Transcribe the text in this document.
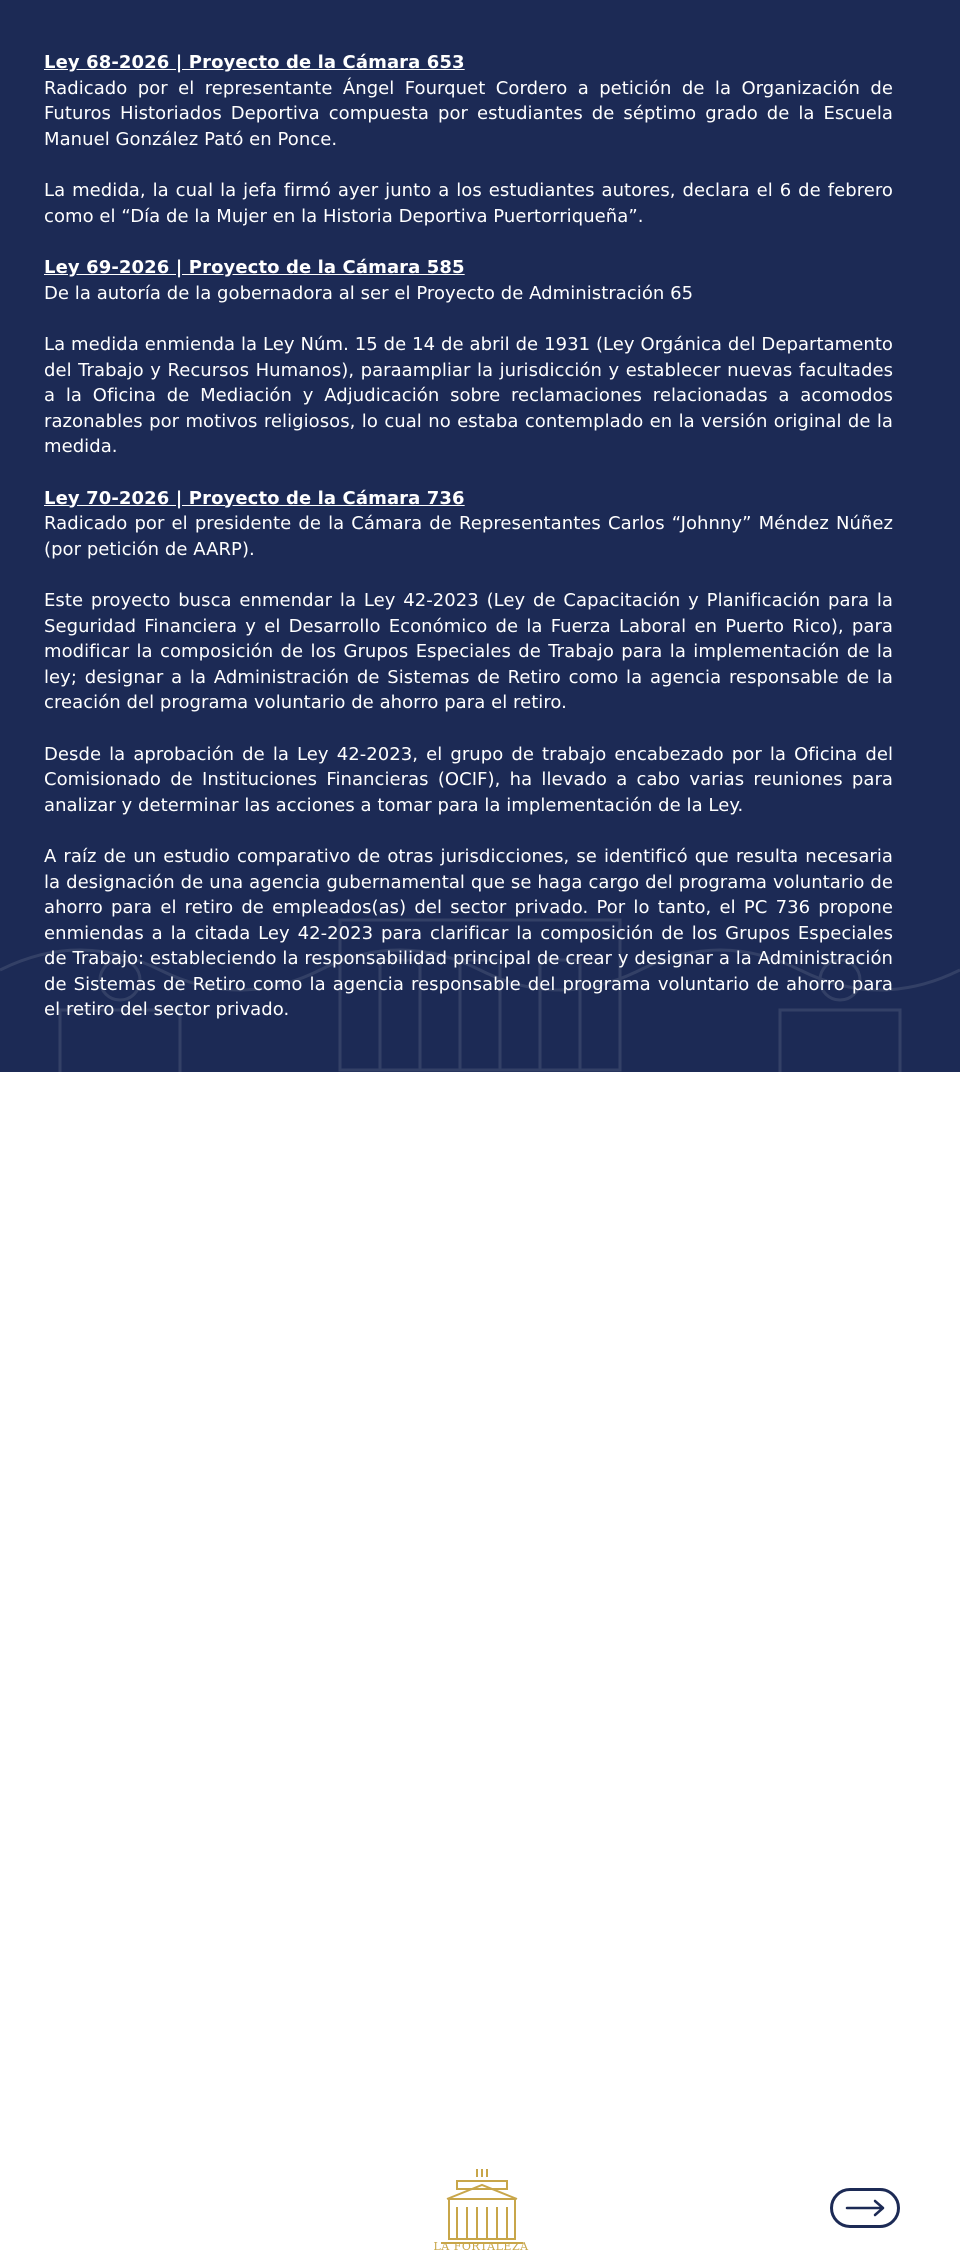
Ley 68-2026 | Proyecto de la Cámara 653

Radicado por el representante Ángel Fourquet Cordero a petición de la Organización de Futuros Historiados Deportiva compuesta por estudiantes de séptimo grado de la Escuela Manuel González Pató en Ponce.

La medida, la cual la jefa firmó ayer junto a los estudiantes autores, declara el 6 de febrero como el “Día de la Mujer en la Historia Deportiva Puertorriqueña”.

Ley 69-2026 | Proyecto de la Cámara 585

De la autoría de la gobernadora al ser el Proyecto de Administración 65

La medida enmienda la Ley Núm. 15 de 14 de abril de 1931 (Ley Orgánica del Departamento del Trabajo y Recursos Humanos), paraampliar la jurisdicción y establecer nuevas facultades a la Oficina de Mediación y Adjudicación sobre reclamaciones relacionadas a acomodos razonables por motivos religiosos, lo cual no estaba contemplado en la versión original de la medida.

Ley 70-2026 | Proyecto de la Cámara 736

Radicado por el presidente de la Cámara de Representantes Carlos “Johnny” Méndez Núñez (por petición de AARP).

Este proyecto busca enmendar la Ley 42-2023 (Ley de Capacitación y Planificación para la Seguridad Financiera y el Desarrollo Económico de la Fuerza Laboral en Puerto Rico), para modificar la composición de los Grupos Especiales de Trabajo para la implementación de la ley; designar a la Administración de Sistemas de Retiro como la agencia responsable de la creación del programa voluntario de ahorro para el retiro.

Desde la aprobación de la Ley 42-2023, el grupo de trabajo encabezado por la Oficina del Comisionado de Instituciones Financieras (OCIF), ha llevado a cabo varias reuniones para analizar y determinar las acciones a tomar para la implementación de la Ley.

A raíz de un estudio comparativo de otras jurisdicciones, se identificó que resulta necesaria la designación de una agencia gubernamental que se haga cargo del programa voluntario de ahorro para el retiro de empleados(as) del sector privado. Por lo tanto, el PC 736 propone enmiendas a la citada Ley 42-2023 para clarificar la composición de los Grupos Especiales de Trabajo: estableciendo la responsabilidad principal de crear y designar a la Administración de Sistemas de Retiro como la agencia responsable del programa voluntario de ahorro para el retiro del sector privado.

LA FORTALEZA
